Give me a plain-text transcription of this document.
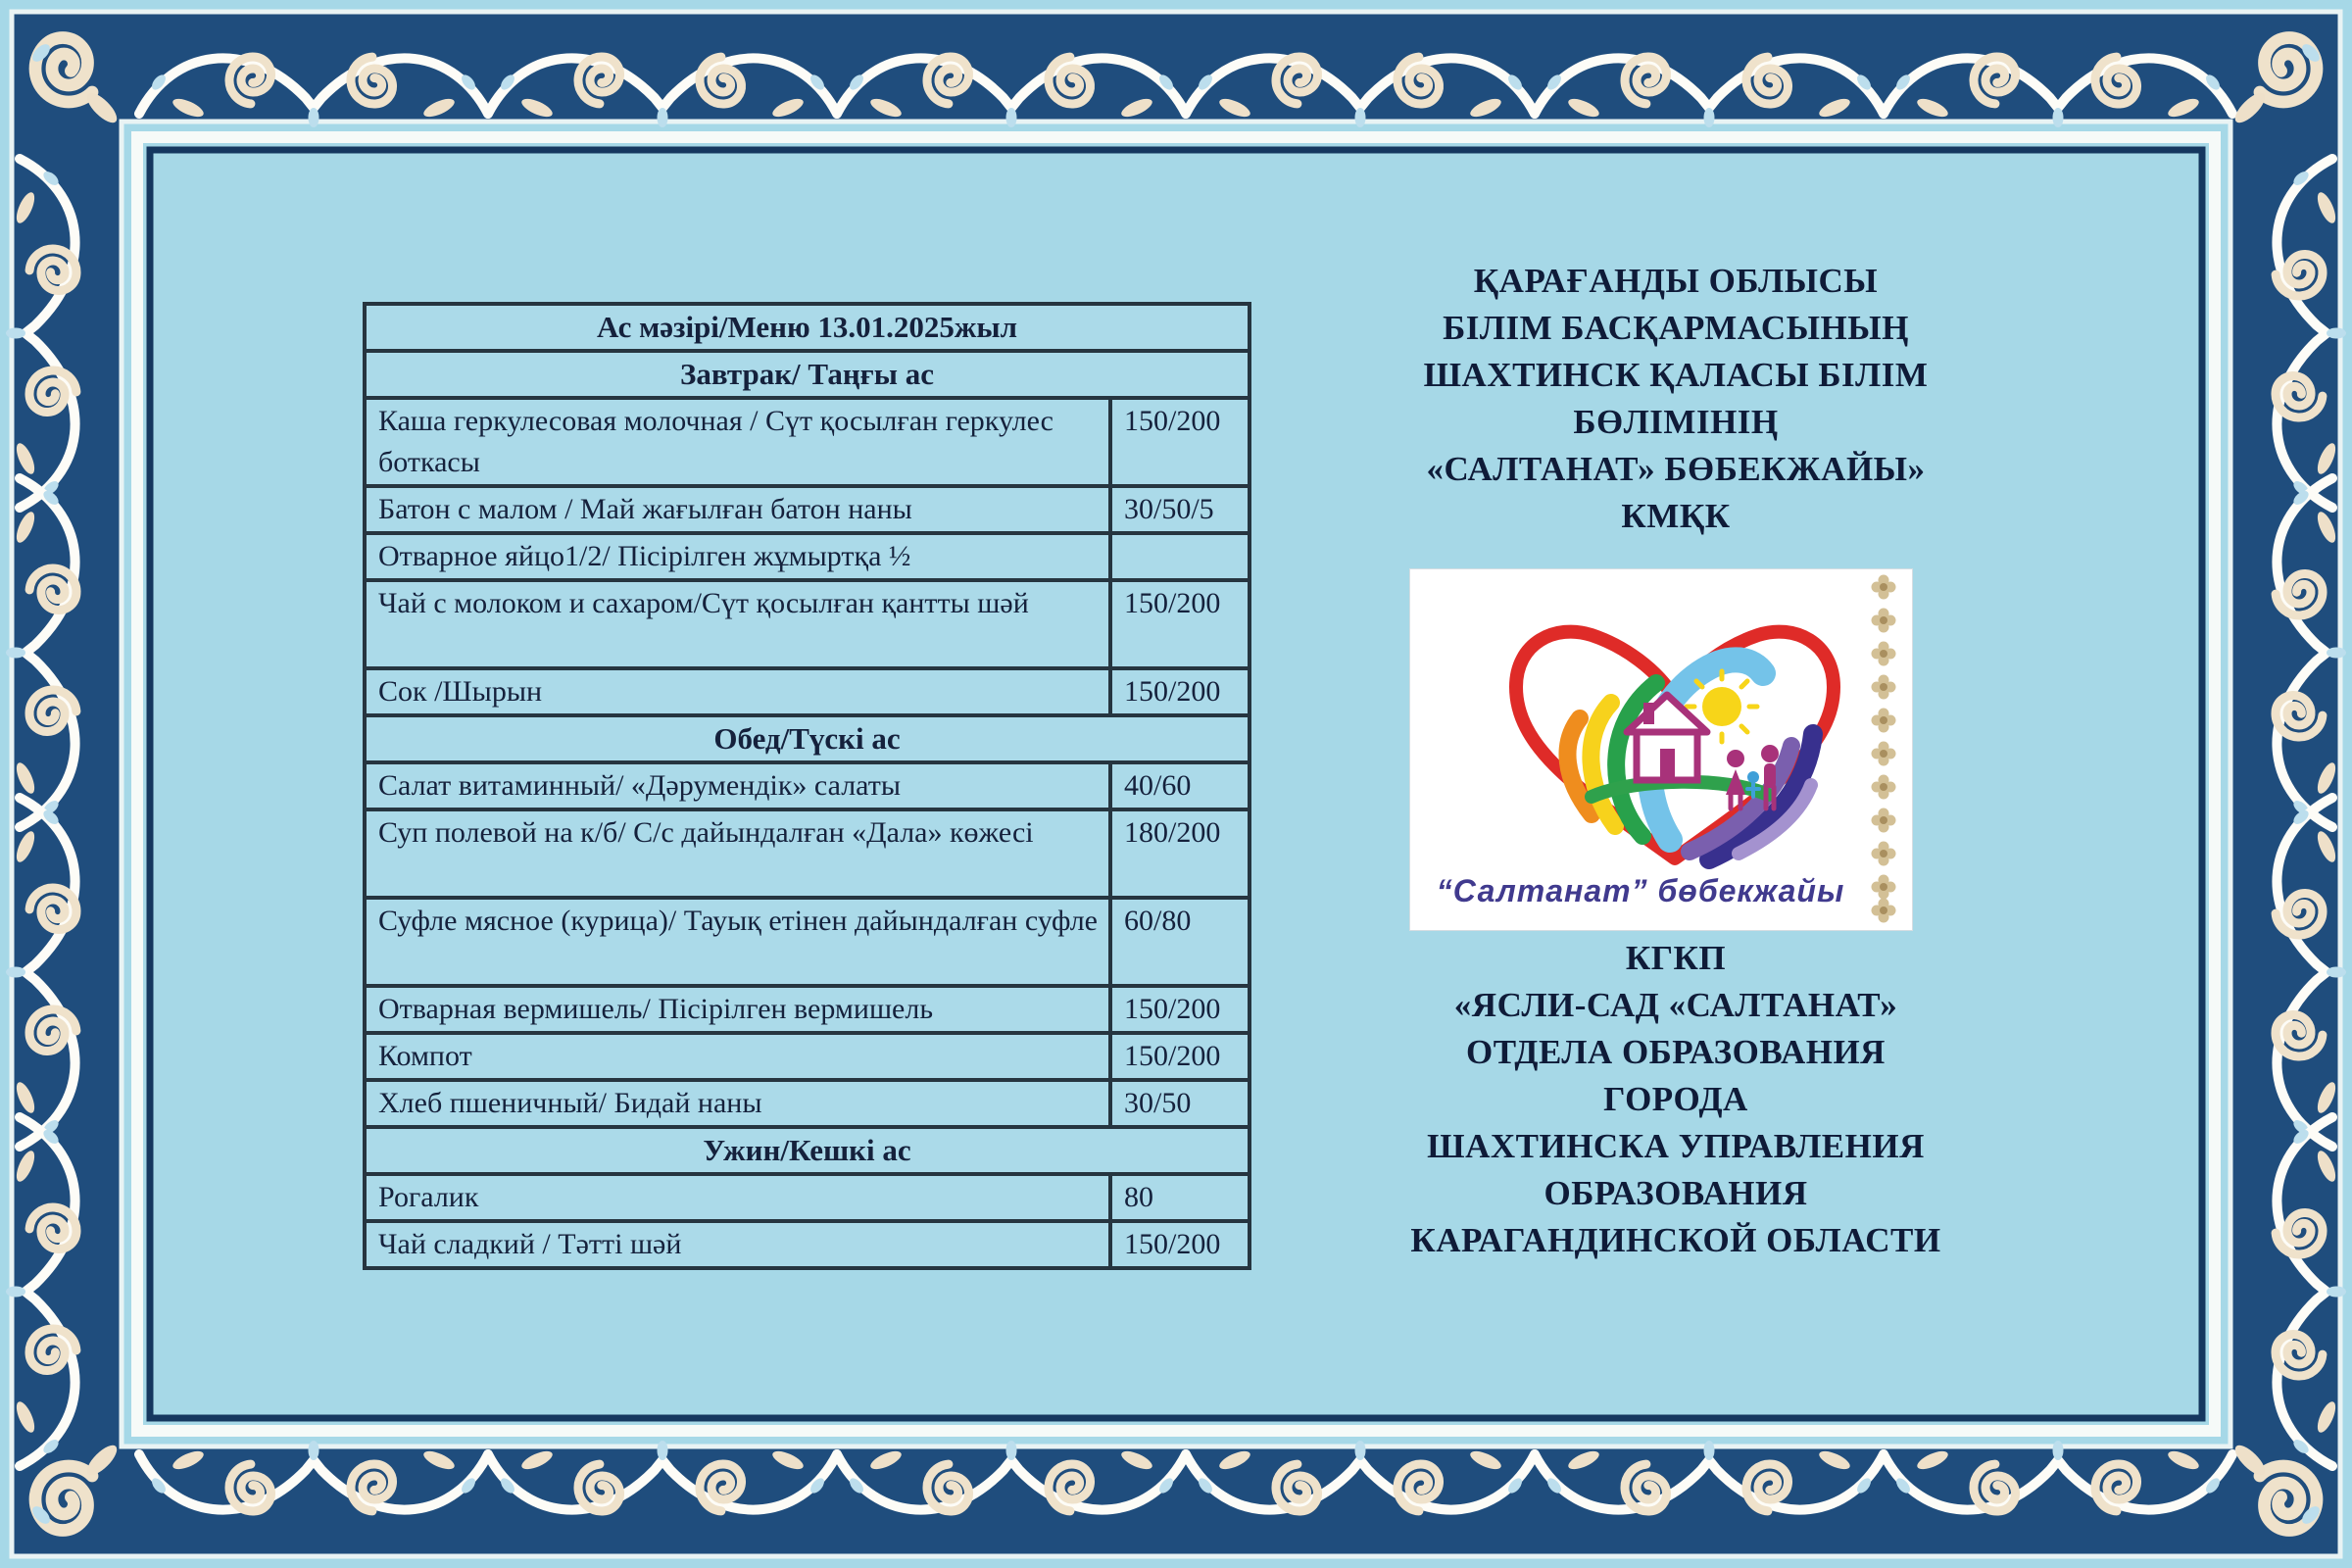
Ас мәзірі/Меню 13.01.2025жыл	
Завтрак/ Таңғы ас	
Каша геркулесовая молочная / Сүт қосылған геркулес боткасы	150/200
Батон с малом / Май жағылған батон наны	30/50/5
Отварное яйцо1/2/ Пісірілген жұмыртқа ½	
Чай с молоком и сахаром/Сүт қосылған қантты шәй	150/200
Сок /Шырын	150/200
Обед/Түскі ас	
Салат витаминный/ «Дәрумендік» салаты	40/60
Суп полевой на к/б/ С/с дайындалған «Дала» көжесі	180/200
Суфле мясное (курица)/ Тауық етінен дайындалған суфле	60/80
Отварная вермишель/ Пісірілген вермишель	150/200
Компот	150/200
Хлеб пшеничный/ Бидай наны	30/50
Ужин/Кешкі ас	
Рогалик	80
Чай сладкий / Тәтті шәй	150/200
ҚАРАҒАНДЫ ОБЛЫСЫ
БІЛІМ БАСҚАРМАСЫНЫҢ
ШАХТИНСК ҚАЛАСЫ БІЛІМ
БӨЛІМІНІҢ
«САЛТАНАТ» БӨБЕКЖАЙЫ»
КМҚК
“Салтанат” бөбекжайы
КГКП
«ЯСЛИ-САД «САЛТАНАТ»
ОТДЕЛА ОБРАЗОВАНИЯ
ГОРОДА
ШАХТИНСКА УПРАВЛЕНИЯ
ОБРАЗОВАНИЯ
КАРАГАНДИНСКОЙ ОБЛАСТИ
